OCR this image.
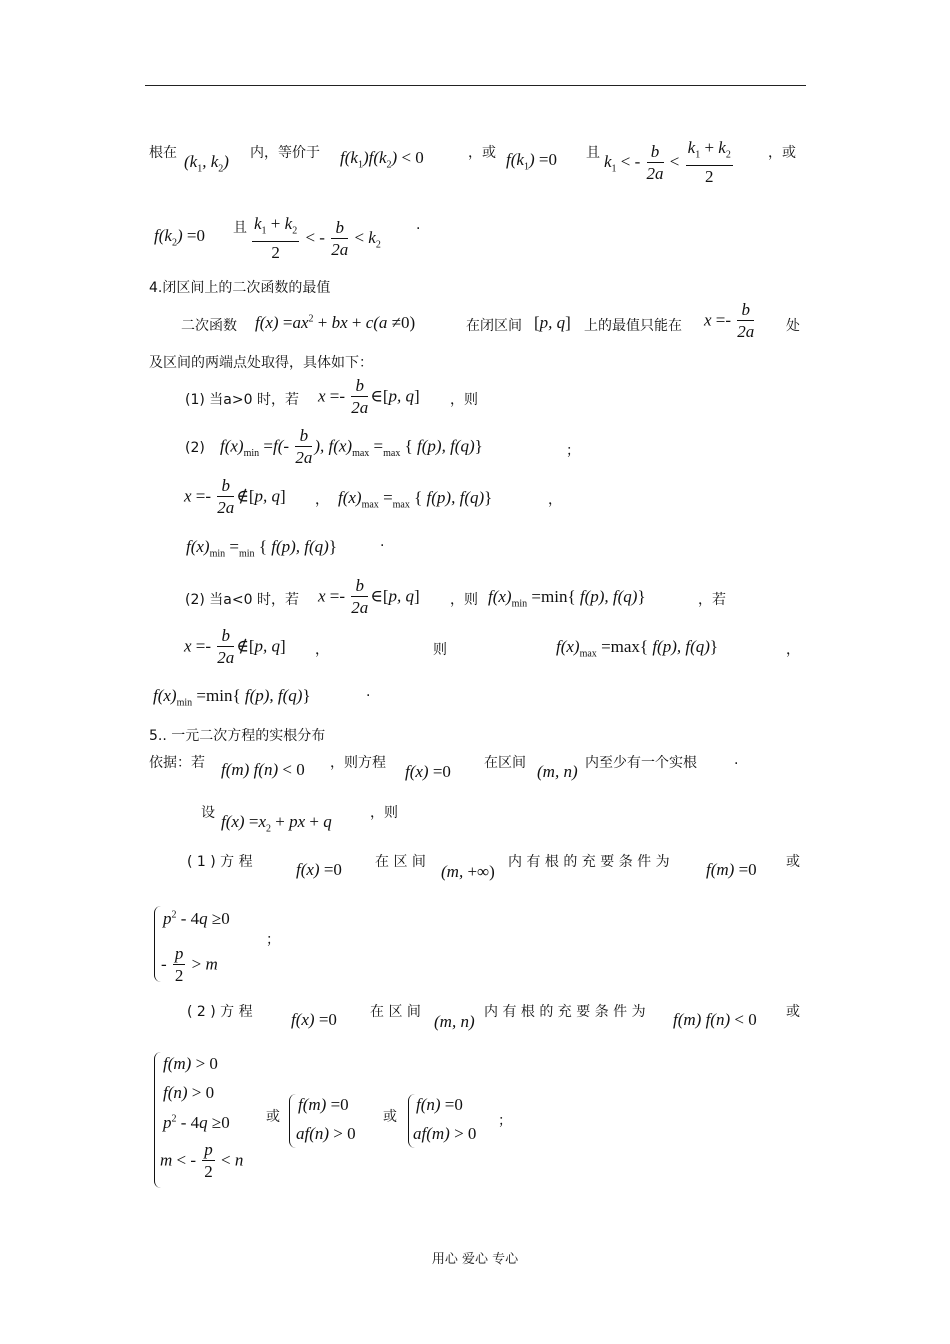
根在 ($k_1$, $k_2$) 内，等价于 $f(k_1)f(k_2) < 0$	，或 $f(k_1) =0$ 且 $k_1$ < - $\frac{b}{2a} < \frac{k_1 + k_2}{2}$	，或
$f(k_2) =0$ 且 $\frac{k_1 + k_2}{2}$ < - $\frac{b}{2a} < k_2$
.
4.闭区间上的二次函数的最值
二次函数 $f(x) =ax^2$ + bx + c(a ≠0)	在闭区间 [p, q] 上的最值只能在 $x =- \frac{b}{2a}$ 处
及区间的两端点处取得，具体如下：
(1) 当a>0 时，若 $x =- \frac{b}{2a}$ ∈[p, q] ，则
(2) $f(x)_{min} =f(- \frac{b}{2a}$ ), $f(x)_{max} =_{max}$ { f(p), f(q)}	；
$x =- \frac{b}{2a}$ ∉[p, q] ， $f(x)_{max} =_{max}$ { f(p), f(q)}	，
$f(x)_{min} =_{min}$ { f(p), f(q)}	·
(2) 当a<0 时，若 $x =- \frac{b}{2a}$ ∈[p, q] ，则 $f(x)_{min} =\min${ f(p), f(q)}	，若
$x =- \frac{b}{2a}$ ∉[p, q] ，	则	$f(x)_{max} =\max${ f(p), f(q)}	，
$f(x)_{min} =\min${ f(p), f(q)}	·
5.. 一元二次方程的实根分布
依据：若 f(m) f(n) < 0 ，则方程 f(x) =0 在区间 (m, n) 内至少有一个实根	.
设 $f(x) =x_2$ + px + q	，则
( 1 ) 方 程	f(x) =0 在 区 间 (m, +∞) 内 有 根 的 充 要 条 件 为 f(m) =0 或
$p^2 - 4q \ge 0$
- $\frac{p}{2} > m$
；
( 2 ) 方 程 f(x) =0 在 区 间 (m, n) 内 有 根 的 充 要 条 件 为 f(m) f(n) < 0 或
f(m) > 0
f(n) > 0
$p^2 - 4q \ge 0$
m < - $\frac{p}{2} < n$
或
f(m) =0
af(n) > 0
或
f(n) =0
af(m) > 0
；
用心 爱心 专心
